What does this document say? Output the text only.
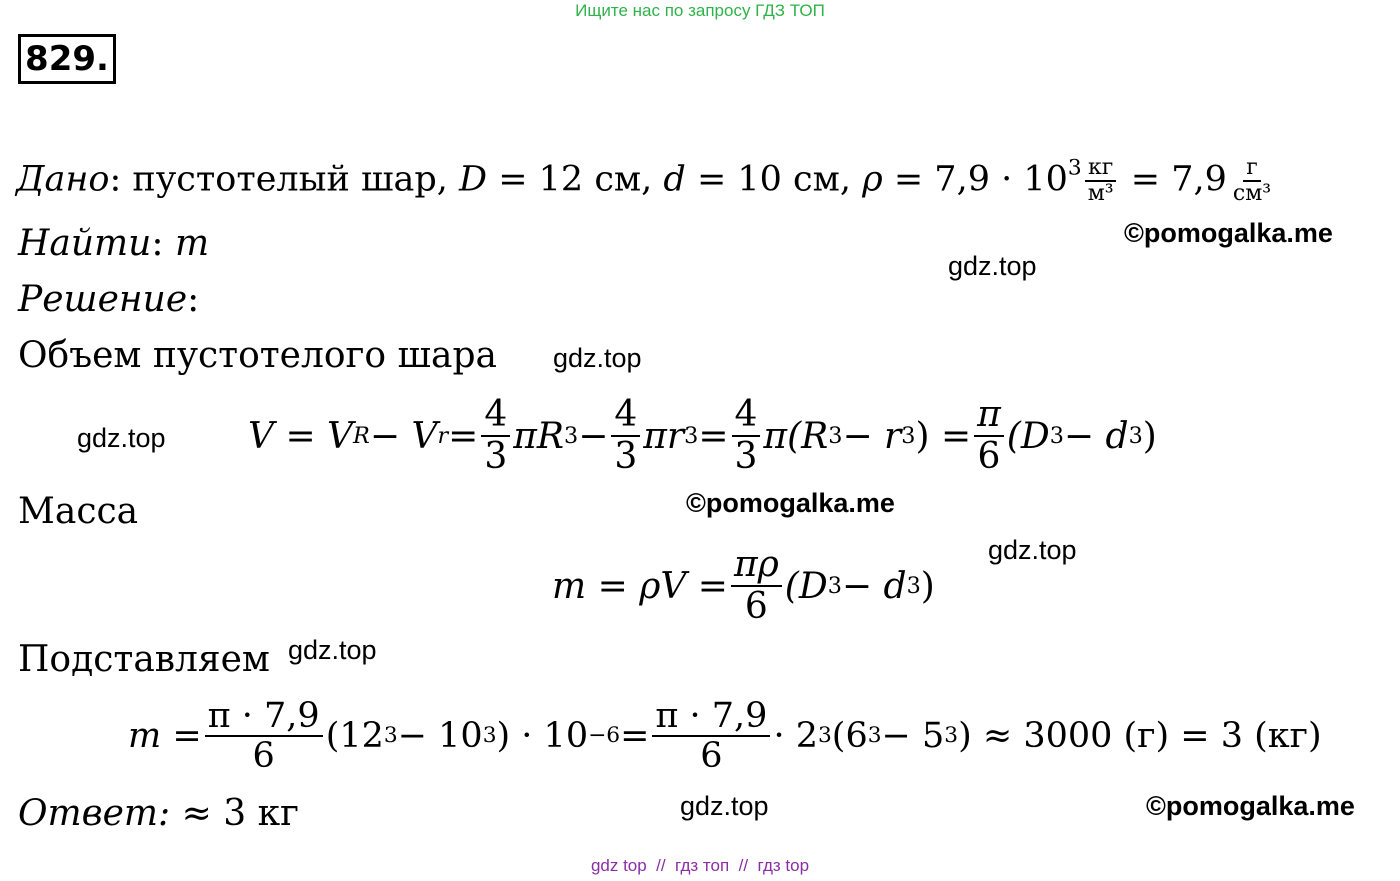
Ищите нас по запросу ГДЗ ТОП
829.
Дано: пустотелый шар, D = 12 см, d = 10 см, $\rho = 7,9 \cdot 10^3 \frac{кг}{\text{м³}} = 7,9 \frac{г}{\text{см³}}$
Найти: m
Решение:
Объем пустотелого шара
V = V R − V $r = \frac{4}{3}$ πR $3 - \frac{4}{3}$ πr $3 = \frac{4}{3} \pi(R$ 3 − r 3 ) = $\frac{\pi}{6} (D$ 3 − d 3 )
Масса
$m = \rho V = \frac{\pi\rho}{6} (D$ 3 − d 3 )
Подставляем
$m = \frac{\pi \cdot 7,9}{6} (12$ 3 − 10 3 ) · $10 -6 = \frac{\pi \cdot 7,9}{6} \cdot 2$ 3 (6 3 − 5 3 ) ≈ 3000 (г) = 3 (кг)
Ответ: ≈ 3 кг
gdz.top
gdz.top
gdz.top
gdz.top
gdz.top
gdz.top
©pomogalka.me
©pomogalka.me
©pomogalka.me
gdz top  //  гдз топ  //  гдз top
